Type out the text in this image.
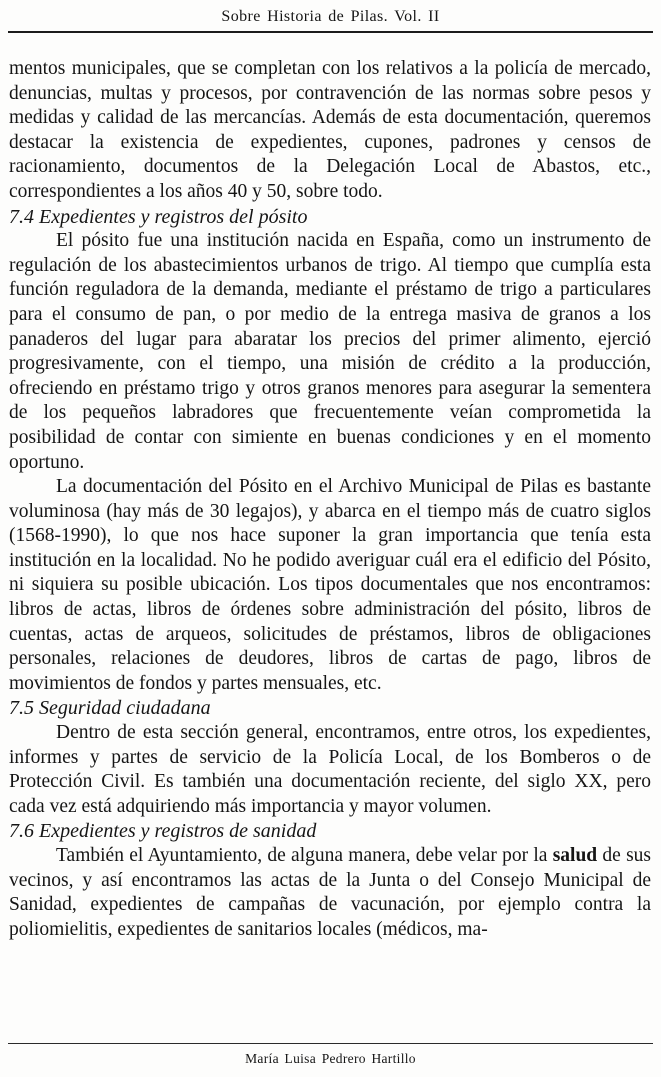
Sobre Historia de Pilas. Vol. II

mentos municipales, que se completan con los relativos a la policía de mercado, denuncias, multas y procesos, por contravención de las normas sobre pesos y medidas y calidad de las mercancías. Además de esta documentación, queremos destacar la existencia de expedientes, cupones, padrones y censos de racionamiento, documentos de la Delegación Local de Abastos, etc., correspondientes a los años 40 y 50, sobre todo.

7.4 Expedientes y registros del pósito

El pósito fue una institución nacida en España, como un instrumento de regulación de los abastecimientos urbanos de trigo. Al tiempo que cumplía esta función reguladora de la demanda, mediante el préstamo de trigo a particulares para el consumo de pan, o por medio de la entrega masiva de granos a los panaderos del lugar para abaratar los precios del primer alimento, ejerció progresivamente, con el tiempo, una misión de crédito a la producción, ofreciendo en préstamo trigo y otros granos menores para asegurar la sementera de los pequeños labradores que frecuentemente veían comprometida la posibilidad de contar con simiente en buenas condiciones y en el momento oportuno.

La documentación del Pósito en el Archivo Municipal de Pilas es bastante voluminosa (hay más de 30 legajos), y abarca en el tiempo más de cuatro siglos (1568-1990), lo que nos hace suponer la gran importancia que tenía esta institución en la localidad. No he podido averiguar cuál era el edificio del Pósito, ni siquiera su posible ubicación. Los tipos documentales que nos encontramos: libros de actas, libros de órdenes sobre administración del pósito, libros de cuentas, actas de arqueos, solicitudes de préstamos, libros de obligaciones personales, relaciones de deudores, libros de cartas de pago, libros de movimientos de fondos y partes mensuales, etc.

7.5 Seguridad ciudadana

Dentro de esta sección general, encontramos, entre otros, los expedientes, informes y partes de servicio de la Policía Local, de los Bomberos o de Protección Civil. Es también una documentación reciente, del siglo XX, pero cada vez está adquiriendo más importancia y mayor volumen.

7.6 Expedientes y registros de sanidad

También el Ayuntamiento, de alguna manera, debe velar por la salud de sus vecinos, y así encontramos las actas de la Junta o del Consejo Municipal de Sanidad, expedientes de campañas de vacunación, por ejemplo contra la poliomielitis, expedientes de sanitarios locales (médicos, ma-

María Luisa Pedrero Hartillo
